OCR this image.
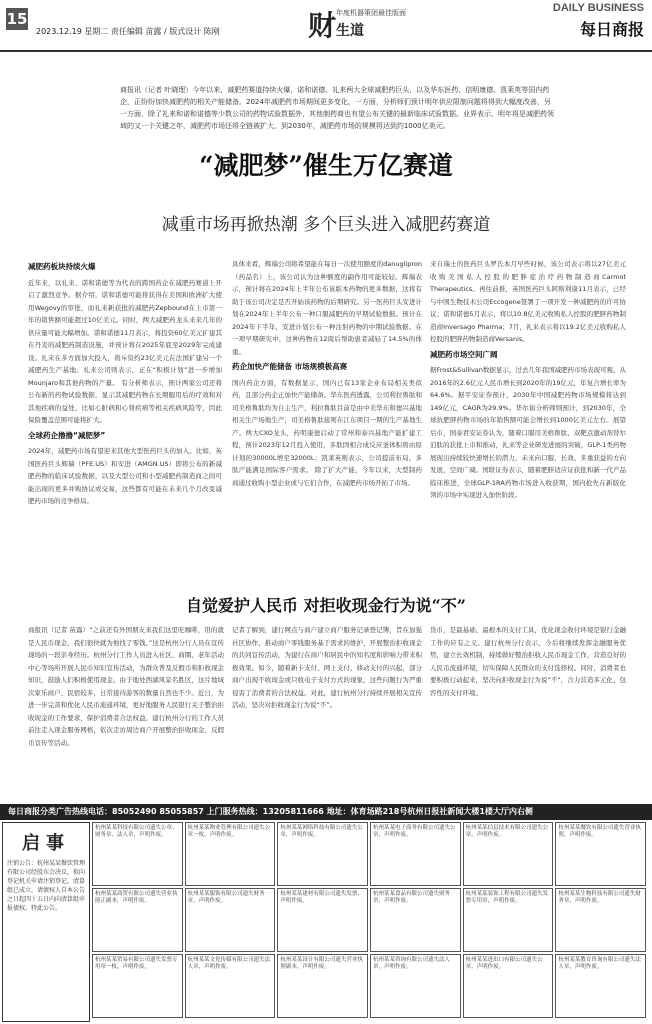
15
2023.12.19 星期二 责任编辑 苗露 / 版式设计 陈刚	财 年度机器策团最佳版面
生道
DAILY BUSINESS
每日商报
商报讯（记者 叶晓理）今年以来，减肥药赛道持续火爆，诺和诺德、礼来两大全球减肥药巨头，以及华东医药、信明康德、凯莱英等国内药企，正纷纷加快减肥药的相关产能储备。2024年减肥药市场期间更多变化，一方面，分析师们预计明年供应限制问题将得到大幅度改善，另一方面，除了礼来和诺和诺德等少数公司的药物试验数据外，其他制药商也有望公布关键的最新临床试验数据。业界表示，明年将是减肥药领域的又一个关键之年，减肥药市场还将全链被扩大，到2030年，减肥药市场的规模将达到约1000亿美元。
“减肥梦”催生万亿赛道
减重市场再掀热潮 多个巨头进入减肥药赛道
减肥药板块持续火爆
近年来，以礼来、诺和诺德等为代表的跨国药企在减肥药赛道上开启了激烈竞争。据介绍，诺和诺德可能将获得在美国和欧洲扩大使用Wegovy的审批，而礼来新获批的减肥药Zepbound在上市第一年的销售额可能超过10亿美元。同时，两大减肥药龙头来来几年的供应量可能大幅增加。诺和诺德11月表示，将投资60亿美元扩建其在丹麦的减肥药制造设施，并预计将在2025年底至2029年完成建设。礼来在多方面加大投入，将斥资约23亿美元在法国扩建另一个减肥药生产基地。礼来公司则表示，正在“积极计划”进一步增加Mounjaro和其他药物的产量。 有分析师表示，预计两家公司还将公布新的药物试验数据，显示其减肥药物在长期服用后的疗效和对其他疾病的益处，比如心脏病和心肾疾病等相关疾病风险等，因此保险覆盖范围可能将扩大。
全球药企撸撸“减肥梦”
2024年，减肥药市场有望迎来其他大型医药巨头的加入。比如，英国医药巨头辉瑞（PFE.US）和安进（AMGN.US）即将公布的新减肥药物的临床试验数据，以及大型公司和小型减肥药制造商之间可能出现的更多并购协议或交易，这些都有可能在未来几个月改变减肥药市场的竞争格局。
具体来看，辉瑞公司将希望能在每日一次使用额度的danuglipron（药品名）上，该公司认为这种额度的副作用可能较轻。辉瑞表示，预计将在2024年上半年公布该版本药物的更多数据，这将有助于该公司决定是否开始该药物的后期研究。另一医药巨头安进计划在2024年上半年公布一种口服减肥药的早期试验数据。预计在2024年下半年，安进计划公布一种注射药物的中期试验数据。在一项早期研究中，这种药物在12周后帮助患者减轻了14.5%的体重。
药企加快产能储备 市场规模极高赛
国内药企方面，有数据显示，国内已有13家企业布局相关类似药，且部分药企正加快产能储备。华东医药透露，公司利拉鲁肽和司美格鲁肽均为自主生产，利拉鲁肽目前是由中美华东和德兴基地相关生产场地生产，司美格鲁肽接则在江东项目一期的生产基地生产。两大CXO龙头，药明康德启动了常州和泰兴基地产能扩建工程，预计2023年12月投入使用，多肽固相合成反应釜体积将由原计划的30000L增至32000L；凯莱英则表示，公司提前布局，多肽产能满足国际客户需求。 除了扩大产能，今年以来，大型制药商通过收购小型企业或与它们合作，在减肥药市场开拓了市场。
来自瑞士的医药巨头罗氏本月早些时候，该公司表示将以27亿美元收购美国私人控股的肥胖症治疗药物制造商Carmot Therapeutics。再往前推，英国医药巨头阿斯利康11月表示，已经与中国生物技术公司Eccogene签署了一项开发一种减肥药的许可协议；诺和诺德5月表示，将以10.8亿美元收购私人控股的肥胖药物制造商Inversago Pharma；7月，礼来表示将以19.2亿美元收购私人控股的肥胖药物制造商Versanis。
减肥药市场空间广阔
据Frost&Sullivan数据显示，过去几年我国减肥药市场表现可观，从2016年的2.6亿元人民币增长到2020年的19亿元，年复合增长率为64.6%。据平安证券预计，2030年中国减肥药物市场规模将达到149亿元，CAGR为29.9%。华尔街分析师则预计，到2030年，全球抗肥胖药物市场的年销售额可能会增长到1000亿美元左右。展望后市，国泰君安证券认为，随着口服司美格鲁肽、双靶点激动剂替尔泊肽的获批上市和推动，礼来等企业研发进展的突破，GLP-1类药物展现出持续较快速增长的潜力，未来向口服、长效、多重获益的方向发展，空间广阔。国联证券表示，随着肥胖适应证获批和新一代产品临床推进，全球GLP-1RA药物市场进入收获期，国内抢先在新版化领的市场中实现进入加快阶段。
自觉爱护人民币 对拒收现金行为说“不”
商报讯（记者 苗露）“之前还有外国朋友来我们这里吃咖啡，用的就是人民币现金，我们很快就为他找了零钱。”这是杭州分行人员在宣传现场的一段亲身经历。杭州分行工作人员进入社区、商圈、老年活动中心等场所开展人民币知识宣传活动，为群众普及反假币和拒收现金知识，鼓励人们积极使用现金。由于地处西湖风景名胜区，这片地域次家乐商户、民宿较多，日常接待游客的数量自然也不少。近日，为进一步完善和优化人民币流通环境，更好地服务人民银行关于整治拒收现金的工作要求，保护消费者合法权益，建行杭州分行的工作人员前往走入现金服务网格，依次走访周边商户开展整治拒收现金、反假币宣传等活动。
记者了解到，建行网点与商户建立商户服务记录登记簿，旨在加强社区协作，推动商户零钱服务基于需求的维护，开展整治拒收现金的共同宣传活动，为建行在商户和居民中的知名度和影响力带来积极效果。如今，随着新卡支付、网上支付、移动支付的兴起，部分商户出现不收现金或只收电子支付方式的现象，这些问题行为严重侵害了消费者的合法权益。对此，建行杭州分行持续开展相关宣传活动，坚决对拒收现金行为说“不”。
货币，是最基础、最根本的支付工具，优化现金收付环境是银行金融工作的应有之义。建行杭州分行表示，今后将继续发挥金融服务优势，建立长效机制，持续做好整治拒收人民币现金工作，营造良好的人民币流通环境，切实保障人民群众的支付选择权。同时，消费者也要积极行动起来，坚决向拒收现金行为说“不”，合力营造多元化、包容性的支付环境。
每日商报分类广告热线电话：85052490 85055857 上门服务热线：13205811666 地址：体育场路218号杭州日报社新闻大楼1楼大厅内右侧
启事
注销公告：杭州某某餐饮管理有限公司经股东会决议，拟向登记机关申请注销登记，清算组已成立，请债权人自本公告之日起四十五日内向清算组申报债权。特此公告。
杭州某某科技有限公司遗失公章、财务章、法人章，声明作废。
杭州某某商贸有限公司遗失营业执照正副本，声明作废。
杭州某某贸易有限公司遗失发票专用章一枚，声明作废。
杭州某某物业管理有限公司遗失公章一枚，声明作废。
杭州某某服饰有限公司遗失财务章，声明作废。
杭州某某文化传媒有限公司遗失法人章，声明作废。
杭州某某网络科技有限公司遗失公章，声明作废。
杭州某某建材有限公司遗失发票，声明作废。
杭州某某设计有限公司遗失营业执照副本，声明作废。
杭州某某电子商务有限公司遗失公章，声明作废。
杭州某某食品有限公司遗失财务章，声明作废。
杭州某某咨询有限公司遗失法人章，声明作废。
杭州某某信息技术有限公司遗失公章，声明作废。
杭州某某装饰工程有限公司遗失发票专用章，声明作废。
杭州某某进出口有限公司遗失公章，声明作废。
杭州某某餐饮有限公司遗失营业执照，声明作废。
杭州某某生物科技有限公司遗失财务章，声明作废。
杭州某某教育咨询有限公司遗失法人章，声明作废。
